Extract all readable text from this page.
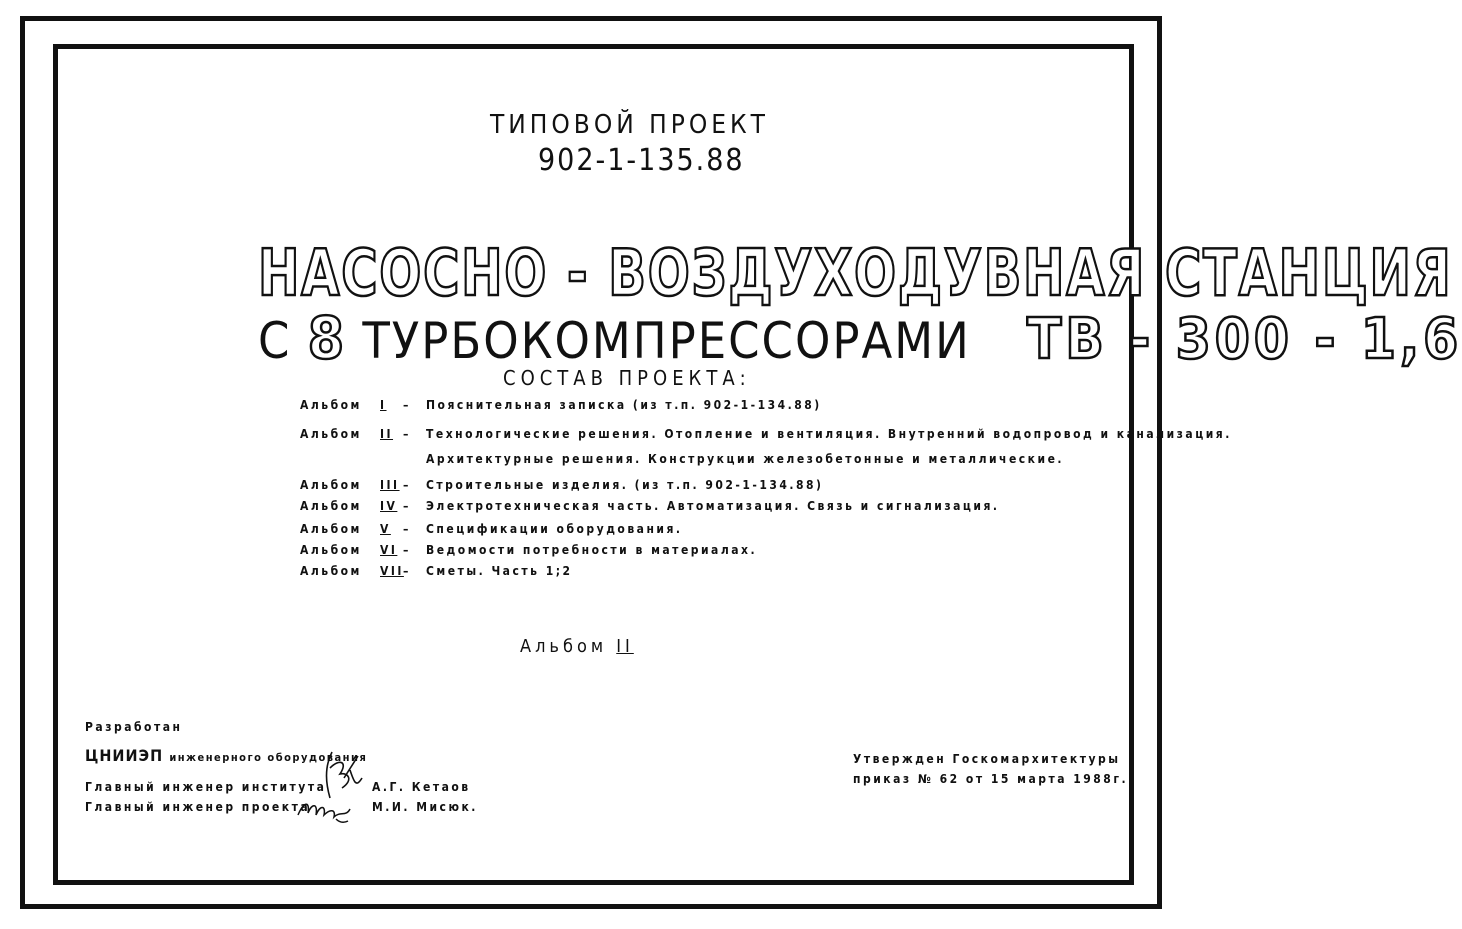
ТИПОВОЙ ПРОЕКТ
902-1-135.88
НАСОСНО - ВОЗДУХОДУВНАЯ СТАНЦИЯ
С 8 ТУРБОКОМПРЕССОРАМИ ТВ - 300 - 1,6
СОСТАВ ПРОЕКТА:
Альбом I – Пояснительная записка (из т.п. 902-1-134.88)
Альбом II – Технологические решения. Отопление и вентиляция. Внутренний водопровод и канализация.
Архитектурные решения. Конструкции железобетонные и металлические.
Альбом III – Строительные изделия. (из т.п. 902-1-134.88)
Альбом IV – Электротехническая часть. Автоматизация. Связь и сигнализация.
Альбом V – Спецификации оборудования.
Альбом VI – Ведомости потребности в материалах.
Альбом VII – Сметы. Часть 1;2
Альбом II
Разработан
ЦНИИЭП инженерного оборудования
Главный инженер института	А.Г. Кетаов
Главный инженер проекта	М.И. Мисюк.
Утвержден Госкомархитектуры
приказ № 62 от 15 марта 1988г.
